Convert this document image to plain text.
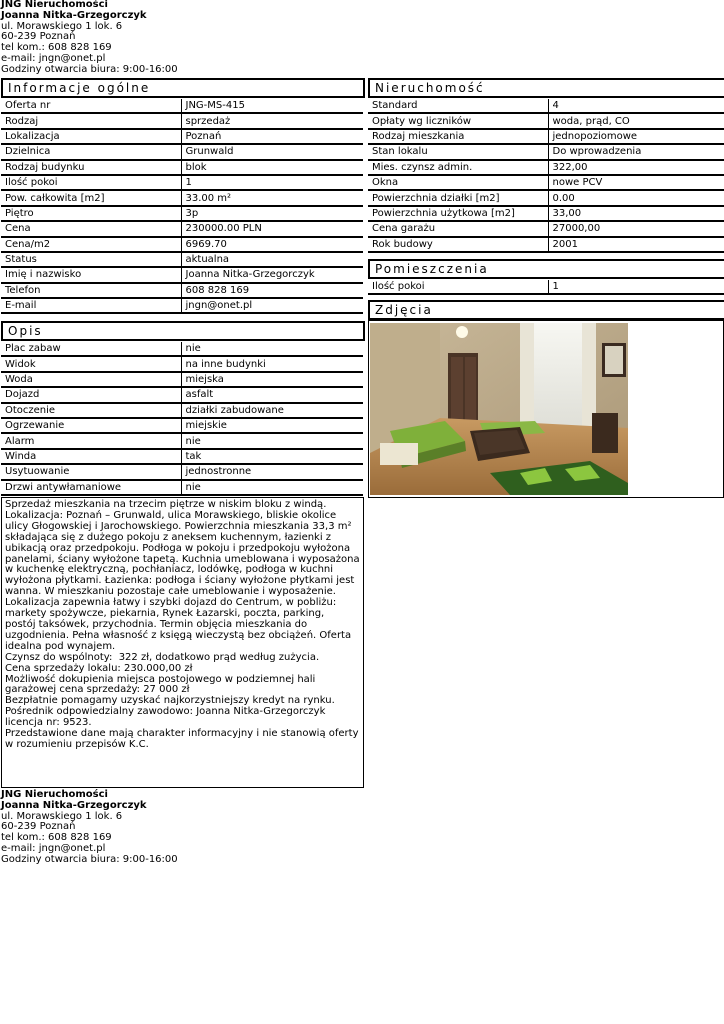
JNG Nieruchomości
Joanna Nitka-Grzegorczyk
ul. Morawskiego 1 lok. 6
60-239 Poznań
tel kom.: 608 828 169
e-mail: jngn@onet.pl
Godziny otwarcia biura: 9:00-16:00
Informacje ogólne
Oferta nr	JNG-MS-415
Rodzaj	sprzedaż
Lokalizacja	Poznań
Dzielnica	Grunwald
Rodzaj budynku	blok
Ilość pokoi	1
Pow. całkowita [m2]	33.00 m²
Piętro	3p
Cena	230000.00 PLN
Cena/m2	6969.70
Status	aktualna
Imię i nazwisko	Joanna Nitka-Grzegorczyk
Telefon	608 828 169
E-mail	jngn@onet.pl
Opis
Plac zabaw	nie
Widok	na inne budynki
Woda	miejska
Dojazd	asfalt
Otoczenie	działki zabudowane
Ogrzewanie	miejskie
Alarm	nie
Winda	tak
Usytuowanie	jednostronne
Drzwi antywłamaniowe	nie

Sprzedaż mieszkania na trzecim piętrze w niskim bloku z windą.
Lokalizacja: Poznań – Grunwald, ulica Morawskiego, bliskie okolice
ulicy Głogowskiej i Jarochowskiego. Powierzchnia mieszkania 33,3 m²
składająca się z dużego pokoju z aneksem kuchennym, łazienki z
ubikacją oraz przedpokoju. Podłoga w pokoju i przedpokoju wyłożona
panelami, ściany wyłożone tapetą. Kuchnia umeblowana i wyposażona
w kuchenkę elektryczną, pochłaniacz, lodówkę, podłoga w kuchni
wyłożona płytkami. Łazienka: podłoga i ściany wyłożone płytkami jest
wanna. W mieszkaniu pozostaje całe umeblowanie i wyposażenie.
Lokalizacja zapewnia łatwy i szybki dojazd do Centrum, w pobliżu:
markety spożywcze, piekarnia, Rynek Łazarski, poczta, parking,
postój taksówek, przychodnia. Termin objęcia mieszkania do
uzgodnienia. Pełna własność z księgą wieczystą bez obciążeń. Oferta
idealna pod wynajem.
Czynsz do wspólnoty:  322 zł, dodatkowo prąd według zużycia.
Cena sprzedaży lokalu: 230.000,00 zł
Możliwość dokupienia miejsca postojowego w podziemnej hali
garażowej cena sprzedaży: 27 000 zł
Bezpłatnie pomagamy uzyskać najkorzystniejszy kredyt na rynku.
Pośrednik odpowiedzialny zawodowo: Joanna Nitka-Grzegorczyk
licencja nr: 9523.
Przedstawione dane mają charakter informacyjny i nie stanowią oferty
w rozumieniu przepisów K.C.

Nieruchomość
Standard	4
Opłaty wg liczników	woda, prąd, CO
Rodzaj mieszkania	jednopoziomowe
Stan lokalu	Do wprowadzenia
Mies. czynsz admin.	322,00
Okna	nowe PCV
Powierzchnia działki [m2]	0.00
Powierzchnia użytkowa [m2]	33,00
Cena garażu	27000,00
Rok budowy	2001
Pomieszczenia
Ilość pokoi	1
Zdjęcia
JNG Nieruchomości
Joanna Nitka-Grzegorczyk
ul. Morawskiego 1 lok. 6
60-239 Poznań
tel kom.: 608 828 169
e-mail: jngn@onet.pl
Godziny otwarcia biura: 9:00-16:00
